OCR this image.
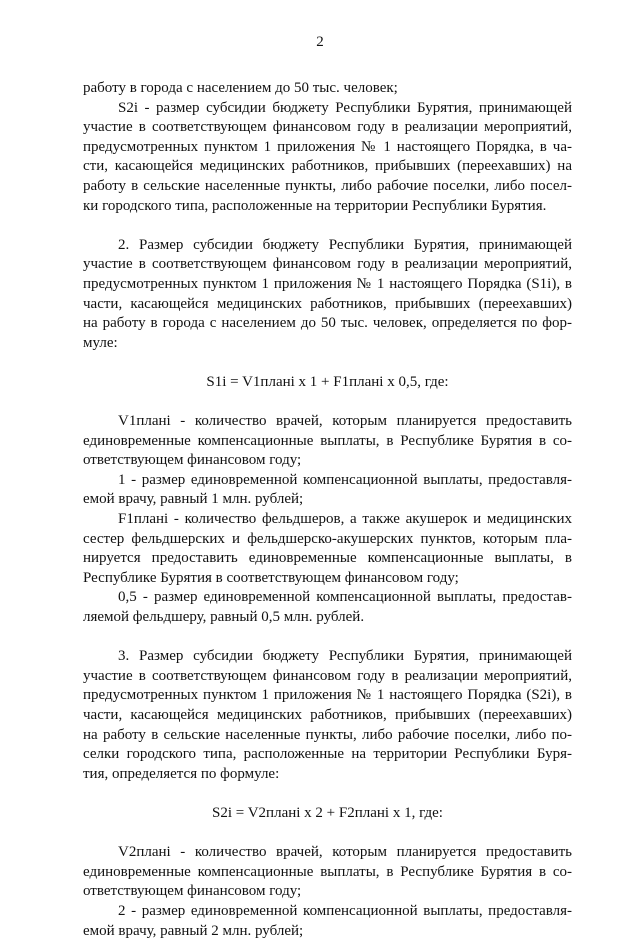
2

работу в города с населением до 50 тыс. человек;
S2i - размер субсидии бюджету Республики Бурятия, принимающей
участие в соответствующем финансовом году в реализации мероприятий,
предусмотренных пунктом 1 приложения № 1 настоящего Порядка, в ча-
сти, касающейся медицинских работников, прибывших (переехавших) на
работу в сельские населенные пункты, либо рабочие поселки, либо посел-
ки городского типа, расположенные на территории Республики Бурятия.
2. Размер субсидии бюджету Республики Бурятия, принимающей
участие в соответствующем финансовом году в реализации мероприятий,
предусмотренных пунктом 1 приложения № 1 настоящего Порядка (S1i), в
части, касающейся медицинских работников, прибывших (переехавших)
на работу в города с населением до 50 тыс. человек, определяется по фор-
муле:
S1i = V1планi x 1 + F1планi x 0,5, где:
V1планi - количество врачей, которым планируется предоставить
единовременные компенсационные выплаты, в Республике Бурятия в со-
ответствующем финансовом году;
1 - размер единовременной компенсационной выплаты, предоставля-
емой врачу, равный 1 млн. рублей;
F1планi - количество фельдшеров, а также акушерок и медицинских
сестер фельдшерских и фельдшерско-акушерских пунктов, которым пла-
нируется предоставить единовременные компенсационные выплаты, в
Республике Бурятия в соответствующем финансовом году;
0,5 - размер единовременной компенсационной выплаты, предостав-
ляемой фельдшеру, равный 0,5 млн. рублей.
3. Размер субсидии бюджету Республики Бурятия, принимающей
участие в соответствующем финансовом году в реализации мероприятий,
предусмотренных пунктом 1 приложения № 1 настоящего Порядка (S2i), в
части, касающейся медицинских работников, прибывших (переехавших)
на работу в сельские населенные пункты, либо рабочие поселки, либо по-
селки городского типа, расположенные на территории Республики Буря-
тия, определяется по формуле:
S2i = V2планi x 2 + F2планi x 1, где:
V2планi - количество врачей, которым планируется предоставить
единовременные компенсационные выплаты, в Республике Бурятия в со-
ответствующем финансовом году;
2 - размер единовременной компенсационной выплаты, предоставля-
емой врачу, равный 2 млн. рублей;
